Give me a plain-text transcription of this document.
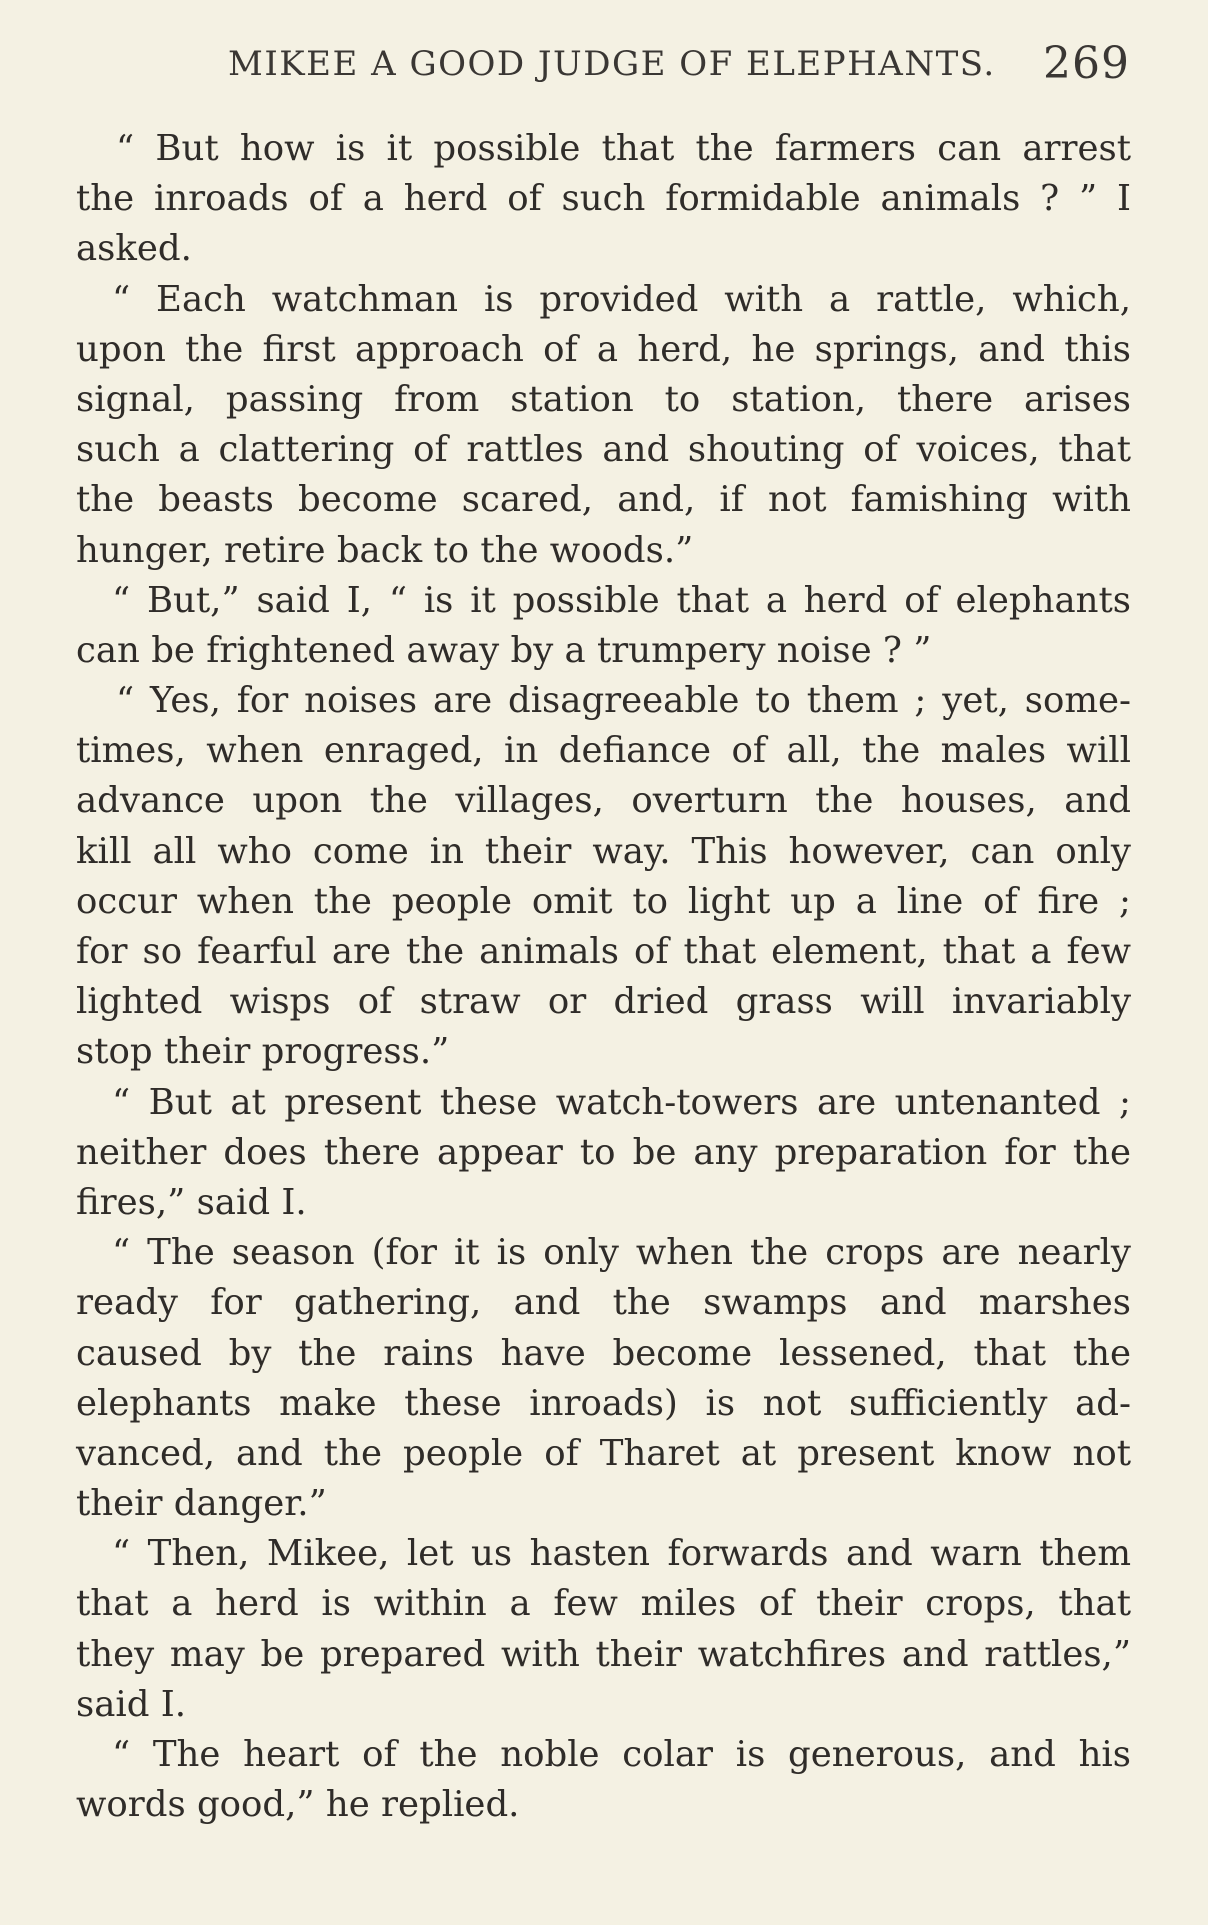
MIKEE A GOOD JUDGE OF ELEPHANTS. 269
“ But how is it possible that the farmers can arrest
the inroads of a herd of such formidable animals ? ” I
asked.
“ Each watchman is provided with a rattle, which,
upon the first approach of a herd, he springs, and this
signal, passing from station to station, there arises
such a clattering of rattles and shouting of voices, that
the beasts become scared, and, if not famishing with
hunger, retire back to the woods.”
“ But,” said I, “ is it possible that a herd of elephants
can be frightened away by a trumpery noise ? ”
“ Yes, for noises are disagreeable to them ; yet, some-
times, when enraged, in defiance of all, the males will
advance upon the villages, overturn the houses, and
kill all who come in their way. This however, can only
occur when the people omit to light up a line of fire ;
for so fearful are the animals of that element, that a few
lighted wisps of straw or dried grass will invariably
stop their progress.”
“ But at present these watch-towers are untenanted ;
neither does there appear to be any preparation for the
fires,” said I.
“ The season (for it is only when the crops are nearly
ready for gathering, and the swamps and marshes
caused by the rains have become lessened, that the
elephants make these inroads) is not sufficiently ad-
vanced, and the people of Tharet at present know not
their danger.”
“ Then, Mikee, let us hasten forwards and warn them
that a herd is within a few miles of their crops, that
they may be prepared with their watchfires and rattles,”
said I.
“ The heart of the noble colar is generous, and his
words good,” he replied.
